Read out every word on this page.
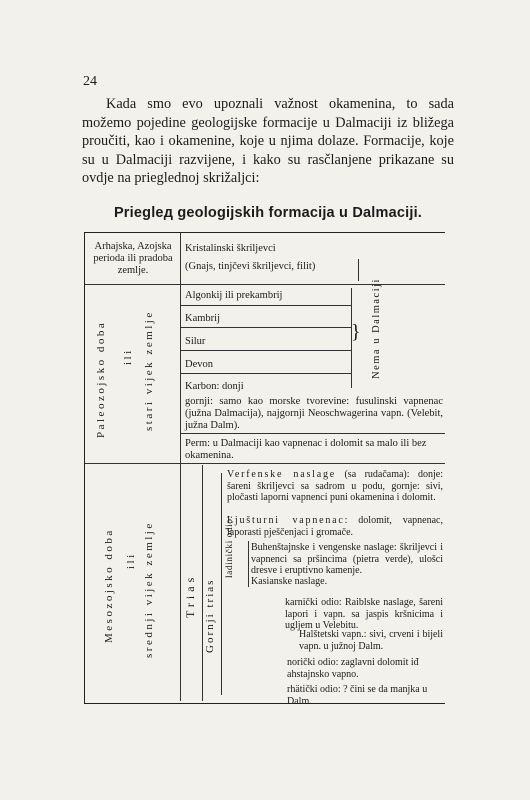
24

Kada smo evo upoznali važnost okamenina, to sada možemo pojedine geologijske formacije u Dalmaciji iz bližega proučiti, kao i okamenine, koje u njima dolaze. Formacije, koje su u Dalmaciji razvijene, i kako su rasčlanjene prikazane su ovdje na prieglednoj skrižaljci:

Prieglед geologijskih formacija u Dalmaciji.
Arhajska, Azojska perioda ili pradoba zemlje.
Kristalinski škriljevci
(Gnajs, tinjčevi škriljevci, filit)
Paleozojsko doba ili stari vijek zemlje
Algonkij ili prekambrij
Kambrij
Silur
Devon
Karbon: donji
} Nema u Dalmaciji
gornji: samo kao morske tvorevine: fusulinski vapnenac (južna Dalmacija), najgornji Neoschwagerina vapn. (Velebit, južna Dalm).
Perm: u Dalmaciji kao vapnenac i dolomit sa malo ili bez okamenina.
Mesozojsko doba ili srednji vijek zemlje Trias Gornji trias
Verfenske naslage (sa rudačama): donje: šareni škriljevci sa sadrom u podu, gornje: sivi, pločasti laporni vapnenci puni okamenina i dolomit.
Lјušturni vapnenac: dolomit, vapnenac, laporasti pješčenjaci i gromače.
ladinički odio: Buhenštajnske i vengenske naslage: škriljevci i vapnenci sa pršincima (pietra verde), ulošci dresve i eruptivno kamenje.
Kasianske naslage.
karnički odio: Raiblske naslage, šareni lapori i vapn. sa jaspis kršnicima i ugljem u Velebitu.
Halštetski vapn.: sivi, crveni i bijeli vapn. u južnoj Dalm.
norički odio: zaglavni dolomit iđ ahstajnsko vapno.
rhätički odio: ? čini se da manjka u Dalm.
